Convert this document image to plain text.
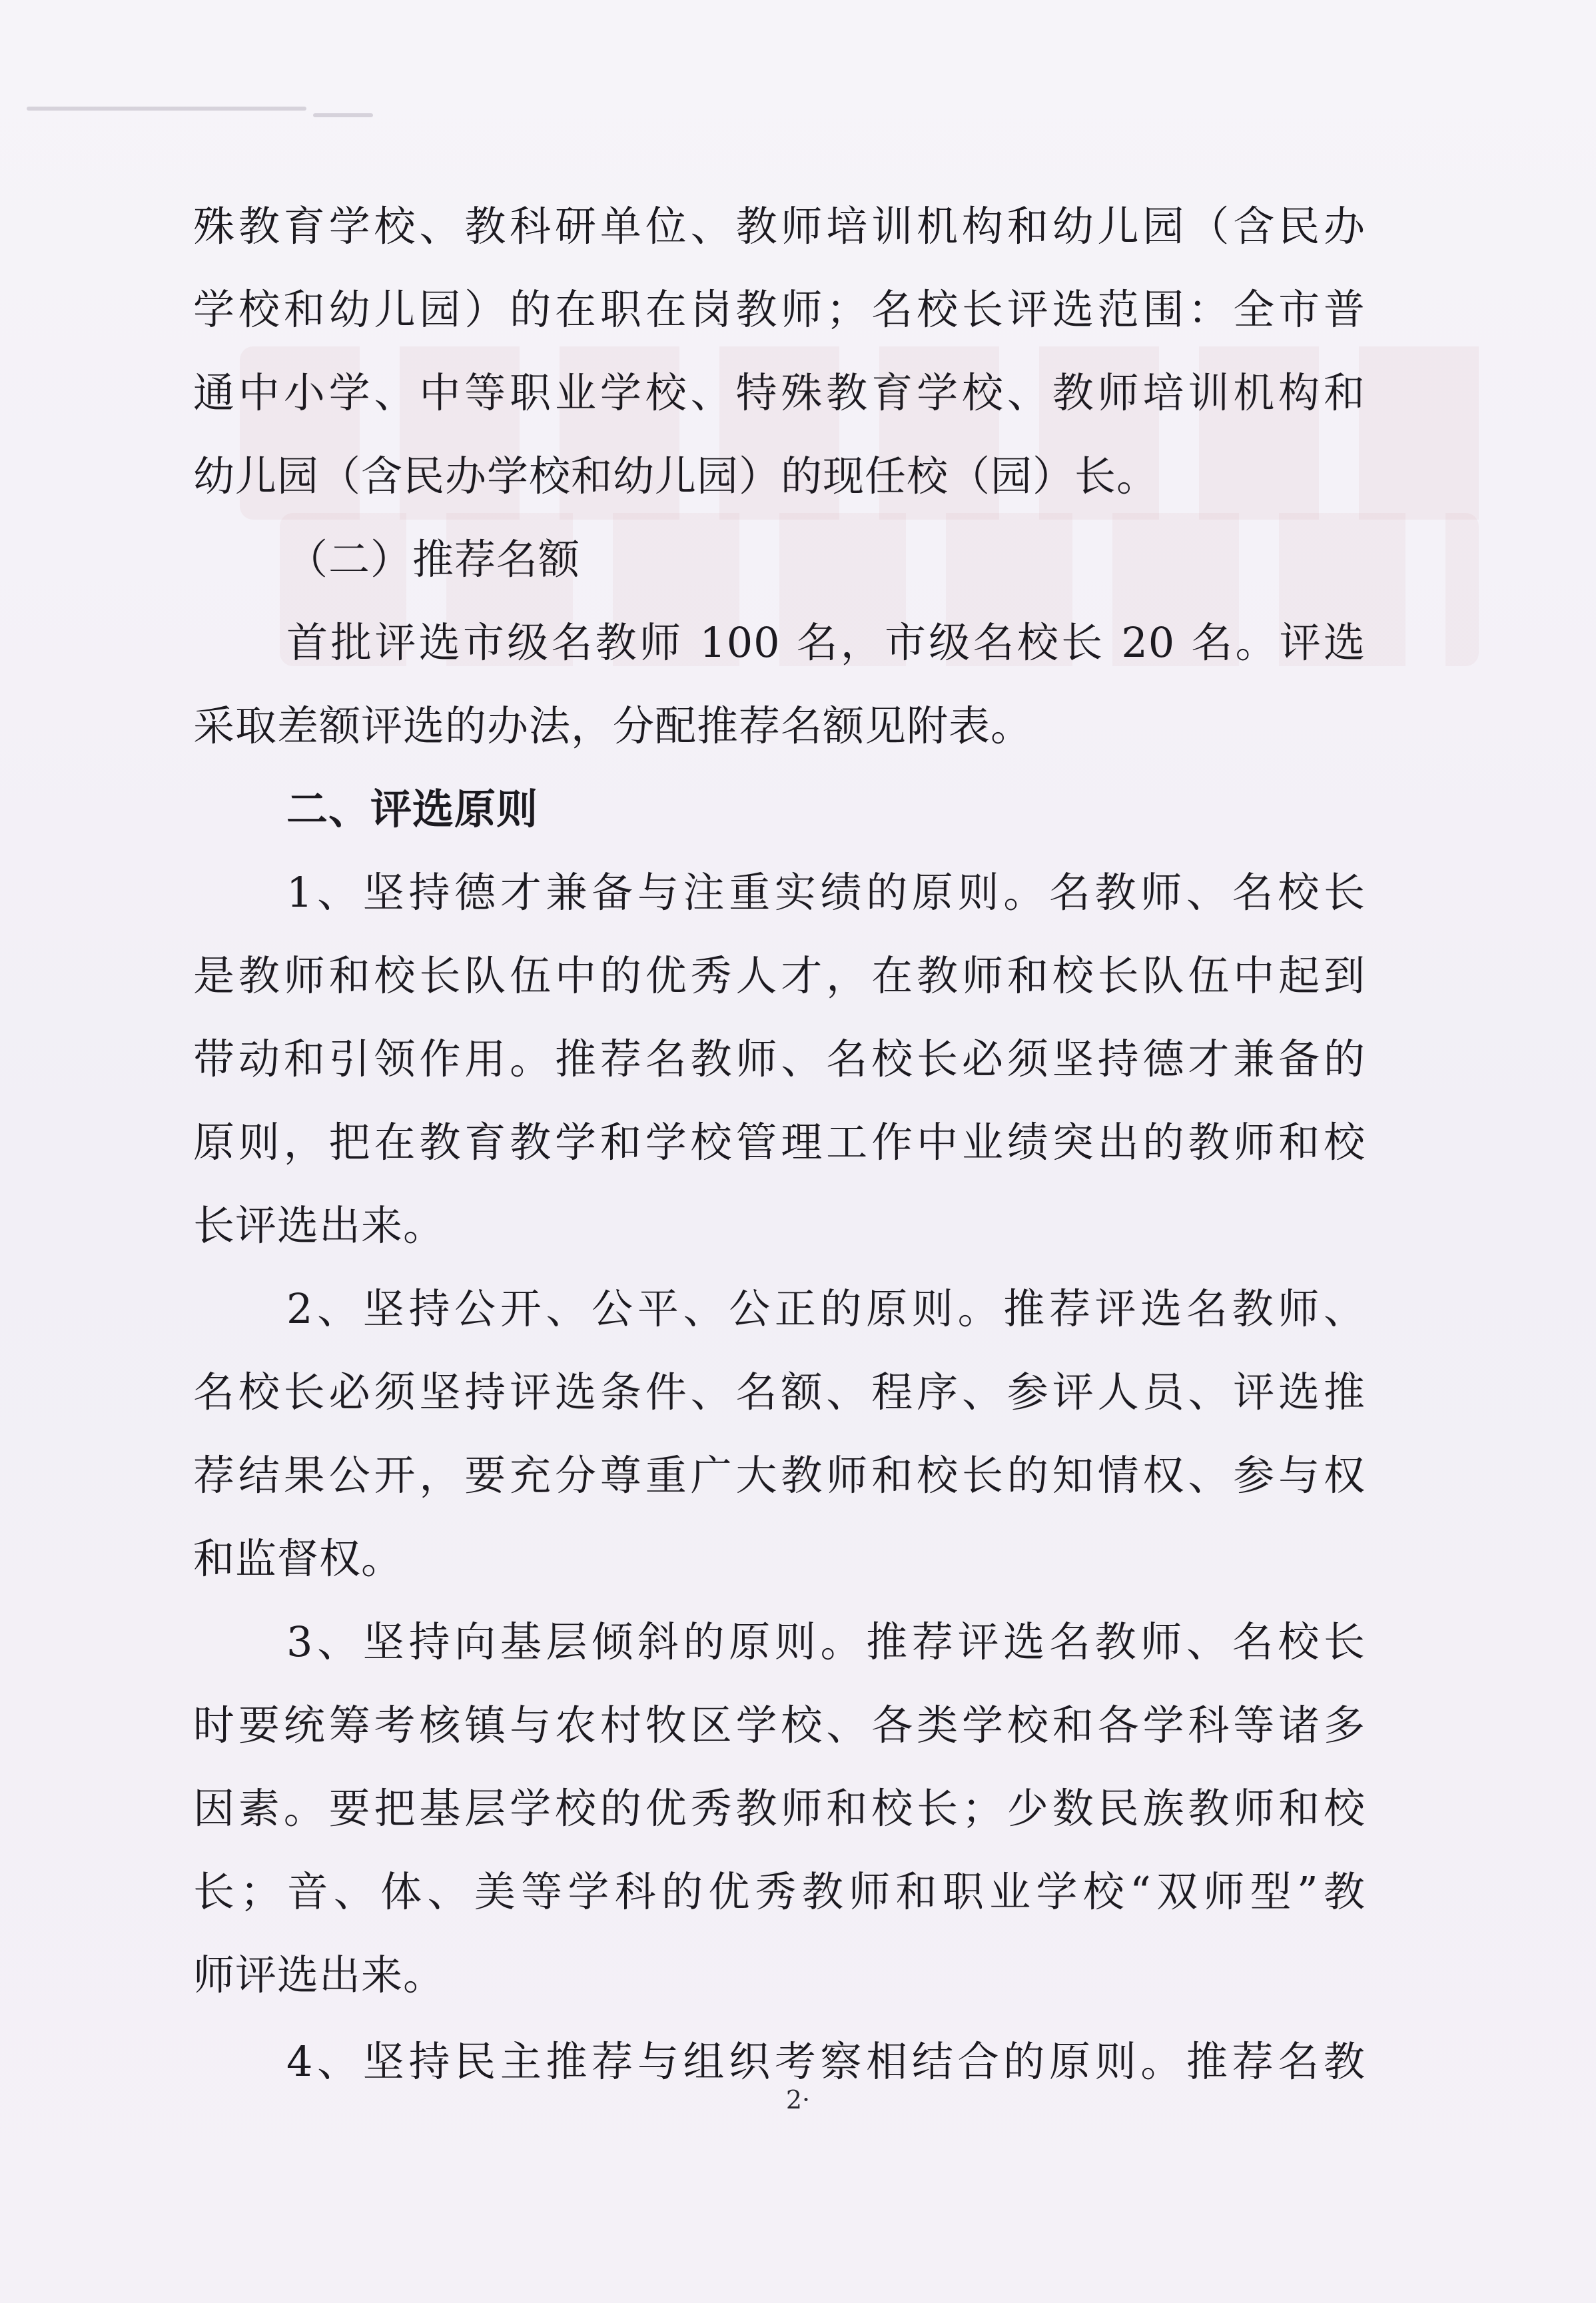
殊教育学校、教科研单位、教师培训机构和幼儿园（含民办
学校和幼儿园）的在职在岗教师；名校长评选范围：全市普
通中小学、中等职业学校、特殊教育学校、教师培训机构和
幼儿园（含民办学校和幼儿园）的现任校（园）长。
（二）推荐名额
首批评选市级名教师 100 名，市级名校长 20 名。评选
采取差额评选的办法，分配推荐名额见附表。
二、评选原则
1、坚持德才兼备与注重实绩的原则。名教师、名校长
是教师和校长队伍中的优秀人才，在教师和校长队伍中起到
带动和引领作用。推荐名教师、名校长必须坚持德才兼备的
原则，把在教育教学和学校管理工作中业绩突出的教师和校
长评选出来。
2、坚持公开、公平、公正的原则。推荐评选名教师、
名校长必须坚持评选条件、名额、程序、参评人员、评选推
荐结果公开，要充分尊重广大教师和校长的知情权、参与权
和监督权。
3、坚持向基层倾斜的原则。推荐评选名教师、名校长
时要统筹考核镇与农村牧区学校、各类学校和各学科等诸多
因素。要把基层学校的优秀教师和校长；少数民族教师和校
长；音、体、美等学科的优秀教师和职业学校“双师型”教
师评选出来。
4、坚持民主推荐与组织考察相结合的原则。推荐名教
2·
